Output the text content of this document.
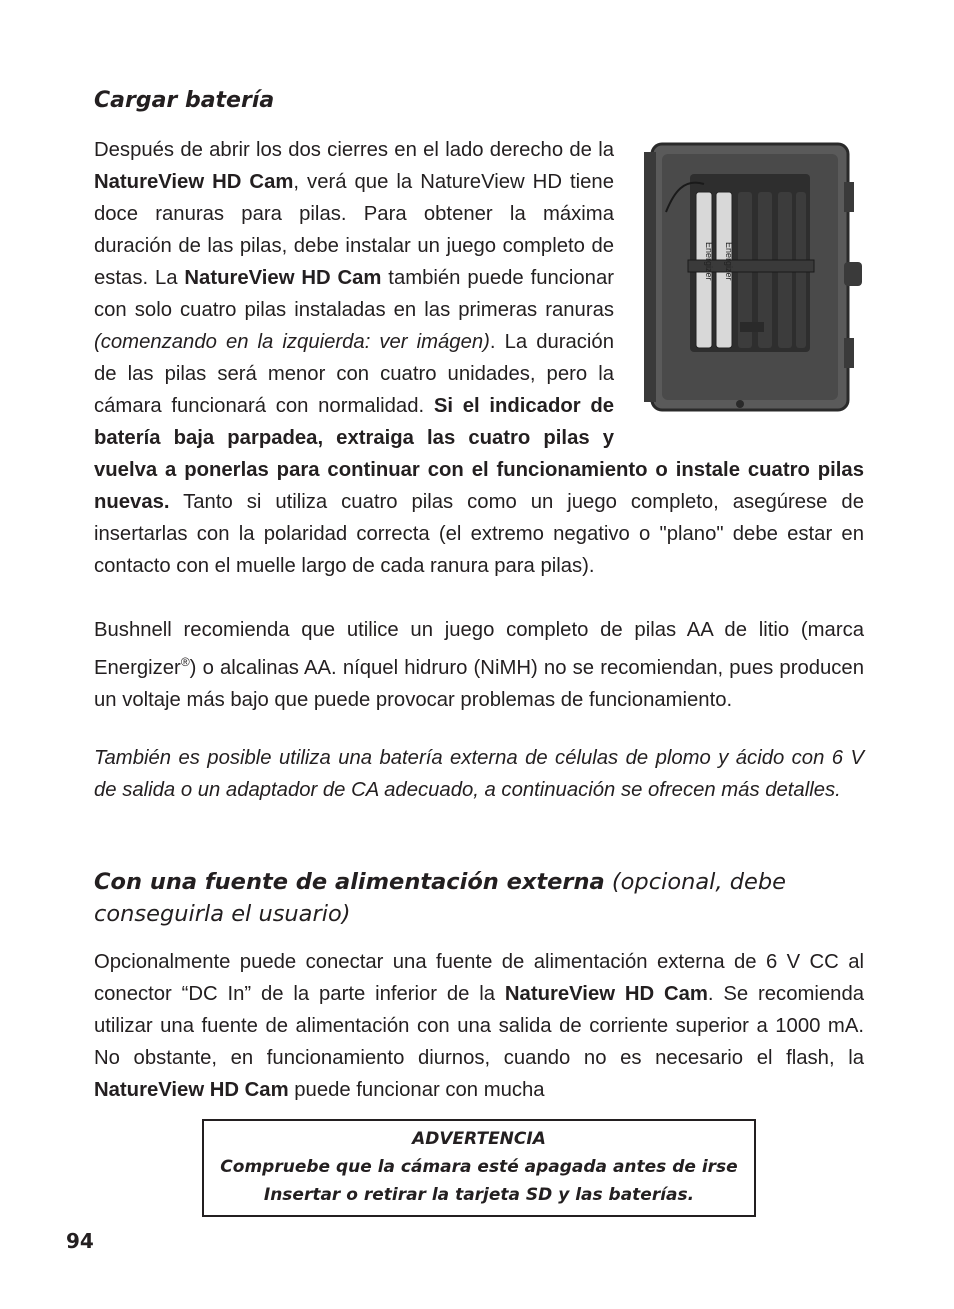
Cargar batería
Energizer Energizer
Después de abrir los dos cierres en el lado derecho de la NatureView HD Cam, verá que la NatureView HD tiene doce ranuras para pilas. Para obtener la máxima duración de las pilas, debe instalar un juego completo de estas. La NatureView HD Cam también puede funcionar con solo cuatro pilas instaladas en las primeras ranuras (comenzando en la izquierda: ver imágen). La duración de las pilas será menor con cuatro unidades, pero la cámara funcionará con normalidad. Si el indicador de batería baja parpadea, extraiga las cuatro pilas y vuelva a ponerlas para continuar con el funcionamiento o instale cuatro pilas nuevas. Tanto si utiliza cuatro pilas como un juego completo, asegúrese de insertarlas con la polaridad correcta (el extremo negativo o "plano" debe estar en contacto con el muelle largo de cada ranura para pilas).
Bushnell recomienda que utilice un juego completo de pilas AA de litio (marca Energizer®) o alcalinas AA. níquel hidruro (NiMH) no se recomiendan, pues producen un voltaje más bajo que puede provocar problemas de funcionamiento.
También es posible utiliza una batería externa de células de plomo y ácido con 6 V de salida o un adaptador de CA adecuado, a continuación se ofrecen más detalles.
Con una fuente de alimentación externa (opcional, debe conseguirla el usuario)
Opcionalmente puede conectar una fuente de alimentación externa de 6 V CC al conector “DC In” de la parte inferior de la NatureView HD Cam. Se recomienda utilizar una fuente de alimentación con una salida de corriente superior a 1000 mA. No obstante, en funcionamiento diurnos, cuando no es necesario el flash, la NatureView HD Cam puede funcionar con mucha
ADVERTENCIA
Compruebe que la cámara esté apagada antes de irse
Insertar o retirar la tarjeta SD y las baterías.
94
